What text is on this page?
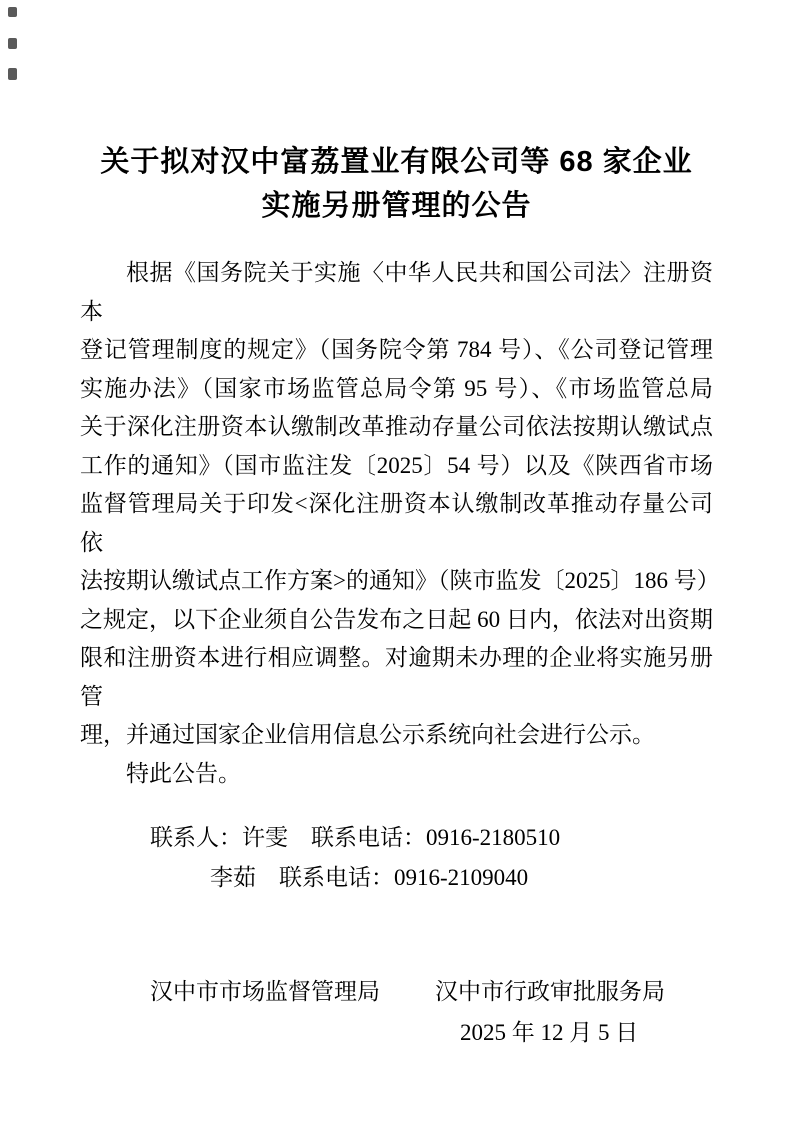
关于拟对汉中富荔置业有限公司等 68 家企业
实施另册管理的公告
根据《国务院关于实施〈中华人民共和国公司法〉注册资本
登记管理制度的规定》（国务院令第 784 号）、《公司登记管理
实施办法》（国家市场监管总局令第 95 号）、《市场监管总局
关于深化注册资本认缴制改革推动存量公司依法按期认缴试点
工作的通知》（国市监注发〔2025〕54 号）以及《陕西省市场
监督管理局关于印发<深化注册资本认缴制改革推动存量公司依
法按期认缴试点工作方案>的通知》（陕市监发〔2025〕186 号）
之规定，以下企业须自公告发布之日起 60 日内，依法对出资期
限和注册资本进行相应调整。对逾期未办理的企业将实施另册管
理，并通过国家企业信用信息公示系统向社会进行公示。
特此公告。
联系人：许雯　联系电话：0916-2180510
李茹　联系电话：0916-2109040
汉中市市场监督管理局 汉中市行政审批服务局
2025 年 12 月 5 日
